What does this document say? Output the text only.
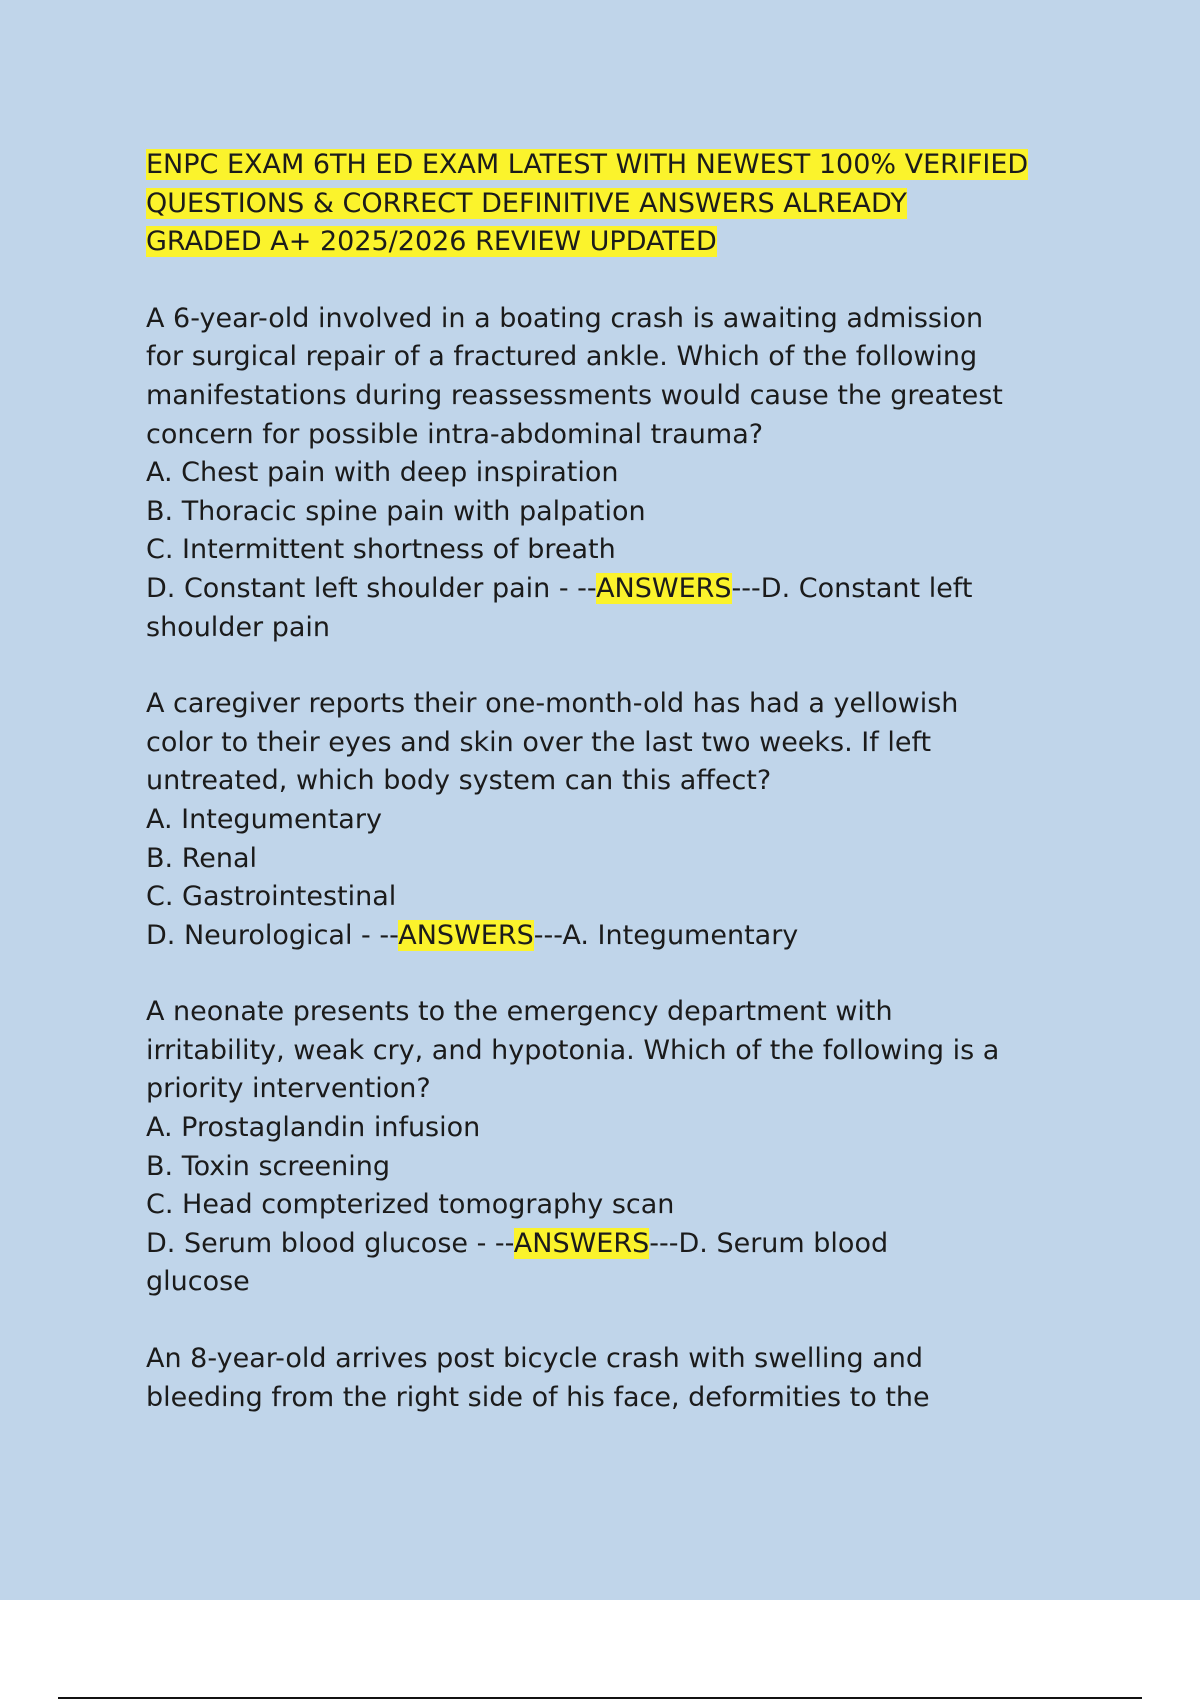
ENPC EXAM 6TH ED EXAM LATEST WITH NEWEST 100% VERIFIED
QUESTIONS & CORRECT DEFINITIVE ANSWERS ALREADY
GRADED A+ 2025/2026 REVIEW UPDATED
A 6-year-old involved in a boating crash is awaiting admission
for surgical repair of a fractured ankle. Which of the following
manifestations during reassessments would cause the greatest
concern for possible intra-abdominal trauma?
A. Chest pain with deep inspiration
B. Thoracic spine pain with palpation
C. Intermittent shortness of breath
D. Constant left shoulder pain - --ANSWERS---D. Constant left
shoulder pain
A caregiver reports their one-month-old has had a yellowish
color to their eyes and skin over the last two weeks. If left
untreated, which body system can this affect?
A. Integumentary
B. Renal
C. Gastrointestinal
D. Neurological - --ANSWERS---A. Integumentary
A neonate presents to the emergency department with
irritability, weak cry, and hypotonia. Which of the following is a
priority intervention?
A. Prostaglandin infusion
B. Toxin screening
C. Head compterized tomography scan
D. Serum blood glucose - --ANSWERS---D. Serum blood
glucose
An 8-year-old arrives post bicycle crash with swelling and
bleeding from the right side of his face, deformities to the
